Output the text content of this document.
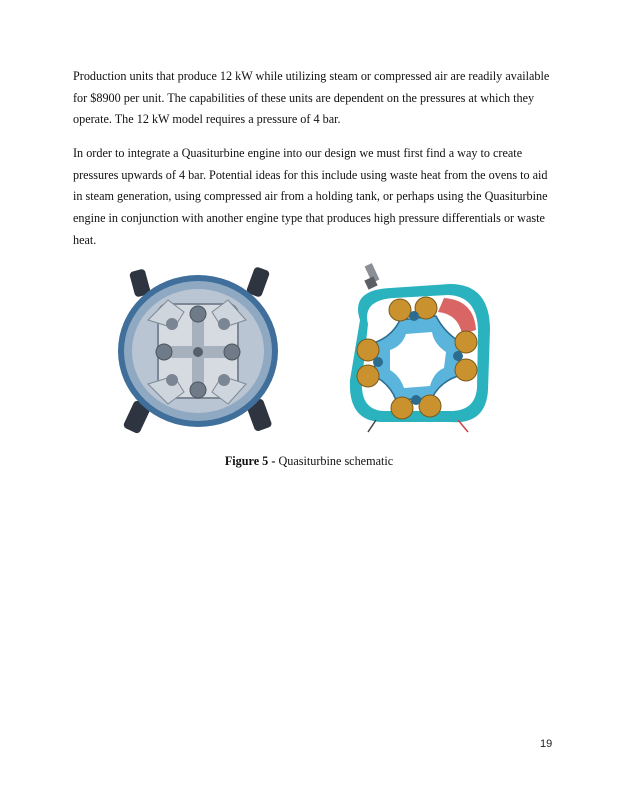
Production units that produce 12 kW while utilizing steam or compressed air are readily available for $8900 per unit. The capabilities of these units are dependent on the pressures at which they operate. The 12 kW model requires a pressure of 4 bar.

In order to integrate a Quasiturbine engine into our design we must first find a way to create pressures upwards of 4 bar. Potential ideas for this include using waste heat from the ovens to aid in steam generation, using compressed air from a holding tank, or perhaps using the Quasiturbine engine in conjunction with another engine type that produces high pressure differentials or waste heat.

Figure 5 - Quasiturbine schematic
19
